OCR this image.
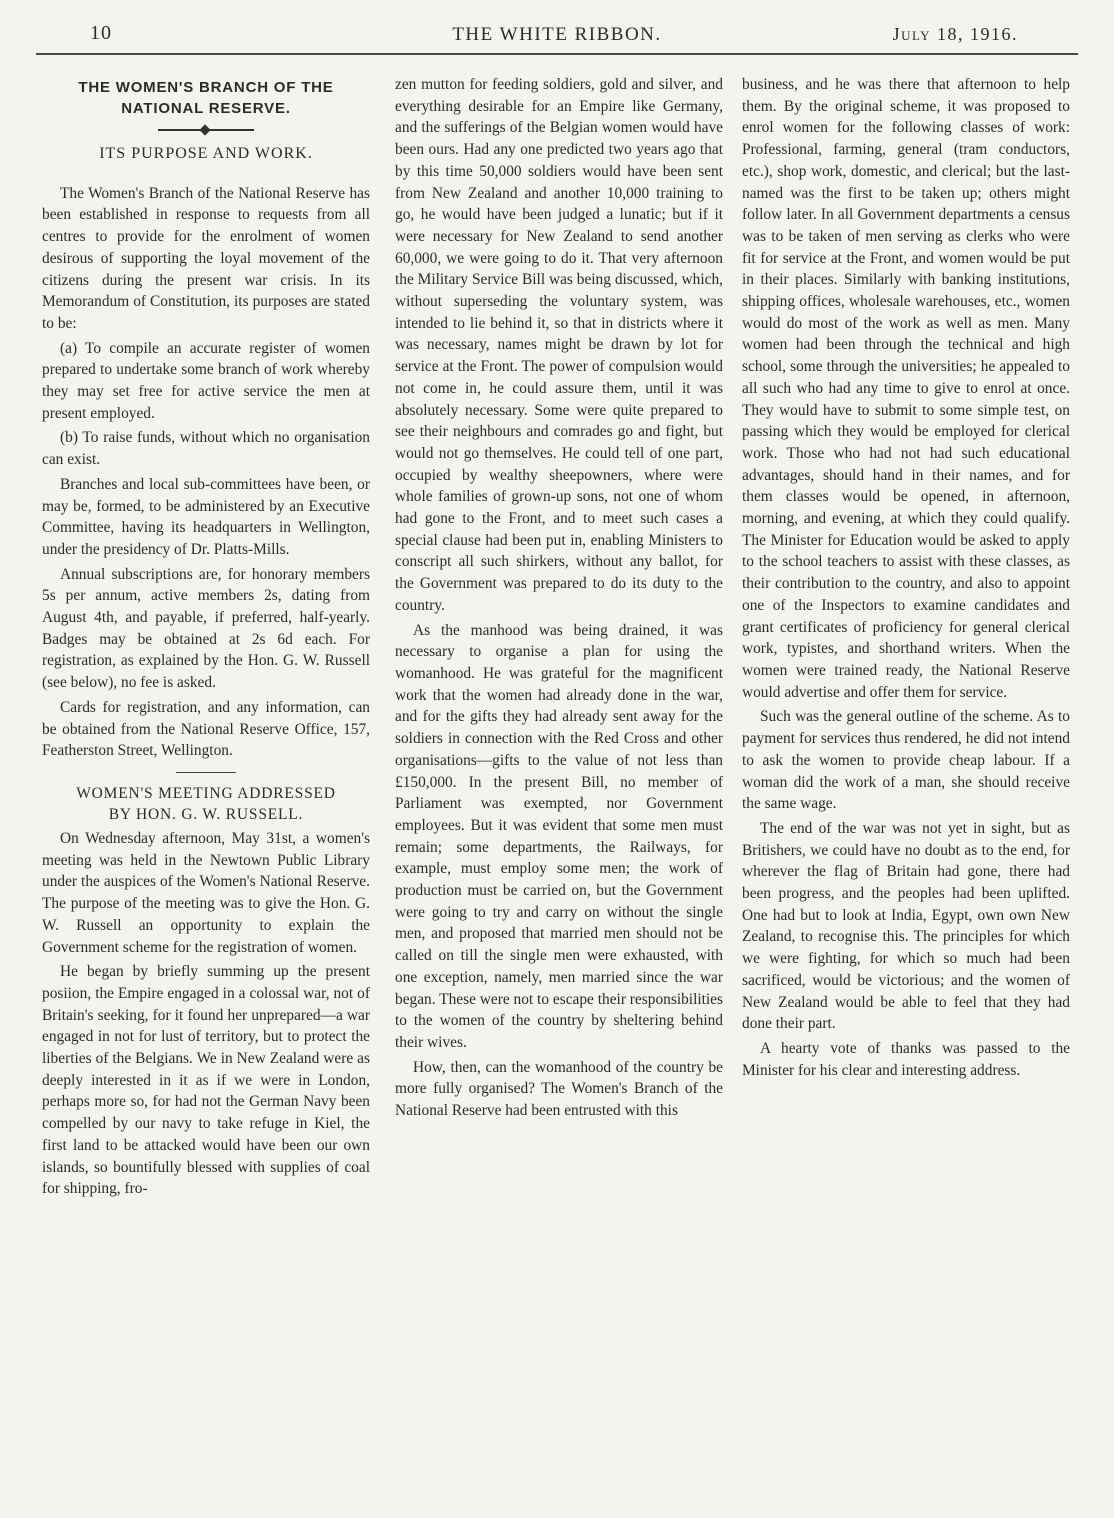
10	THE WHITE RIBBON.	July 18, 1916.
THE WOMEN'S BRANCH OF THE NATIONAL RESERVE.
ITS PURPOSE AND WORK.

The Women's Branch of the National Reserve has been established in response to requests from all centres to provide for the enrolment of women desirous of supporting the loyal movement of the citizens during the present war crisis. In its Memorandum of Constitution, its purposes are stated to be:

(a) To compile an accurate register of women prepared to undertake some branch of work whereby they may set free for active service the men at present employed.

(b) To raise funds, without which no organisation can exist.

Branches and local sub-committees have been, or may be, formed, to be administered by an Executive Committee, having its headquarters in Wellington, under the presidency of Dr. Platts-Mills.

Annual subscriptions are, for honorary members 5s per annum, active members 2s, dating from August 4th, and payable, if preferred, half-yearly. Badges may be obtained at 2s 6d each. For registration, as explained by the Hon. G. W. Russell (see below), no fee is asked.

Cards for registration, and any information, can be obtained from the National Reserve Office, 157, Featherston Street, Wellington.

WOMEN'S MEETING ADDRESSED
BY HON. G. W. RUSSELL.

On Wednesday afternoon, May 31st, a women's meeting was held in the Newtown Public Library under the auspices of the Women's National Reserve. The purpose of the meeting was to give the Hon. G. W. Russell an opportunity to explain the Government scheme for the registration of women.

He began by briefly summing up the present posiion, the Empire engaged in a colossal war, not of Britain's seeking, for it found her unprepared—a war engaged in not for lust of territory, but to protect the liberties of the Belgians. We in New Zealand were as deeply interested in it as if we were in London, perhaps more so, for had not the German Navy been compelled by our navy to take refuge in Kiel, the first land to be attacked would have been our own islands, so bountifully blessed with supplies of coal for shipping, fro-

zen mutton for feeding soldiers, gold and silver, and everything desirable for an Empire like Germany, and the sufferings of the Belgian women would have been ours. Had any one predicted two years ago that by this time 50,000 soldiers would have been sent from New Zealand and another 10,000 training to go, he would have been judged a lunatic; but if it were necessary for New Zealand to send another 60,000, we were going to do it. That very afternoon the Military Service Bill was being discussed, which, without superseding the voluntary system, was intended to lie behind it, so that in districts where it was necessary, names might be drawn by lot for service at the Front. The power of compulsion would not come in, he could assure them, until it was absolutely necessary. Some were quite prepared to see their neighbours and comrades go and fight, but would not go themselves. He could tell of one part, occupied by wealthy sheepowners, where were whole families of grown-up sons, not one of whom had gone to the Front, and to meet such cases a special clause had been put in, enabling Ministers to conscript all such shirkers, without any ballot, for the Government was prepared to do its duty to the country.

As the manhood was being drained, it was necessary to organise a plan for using the womanhood. He was grateful for the magnificent work that the women had already done in the war, and for the gifts they had already sent away for the soldiers in connection with the Red Cross and other organisations—gifts to the value of not less than £150,000. In the present Bill, no member of Parliament was exempted, nor Government employees. But it was evident that some men must remain; some departments, the Railways, for example, must employ some men; the work of production must be carried on, but the Government were going to try and carry on without the single men, and proposed that married men should not be called on till the single men were exhausted, with one exception, namely, men married since the war began. These were not to escape their responsibilities to the women of the country by sheltering behind their wives.

How, then, can the womanhood of the country be more fully organised? The Women's Branch of the National Reserve had been entrusted with this

business, and he was there that afternoon to help them. By the original scheme, it was proposed to enrol women for the following classes of work: Professional, farming, general (tram conductors, etc.), shop work, domestic, and clerical; but the last-named was the first to be taken up; others might follow later. In all Government departments a census was to be taken of men serving as clerks who were fit for service at the Front, and women would be put in their places. Similarly with banking institutions, shipping offices, wholesale warehouses, etc., women would do most of the work as well as men. Many women had been through the technical and high school, some through the universities; he appealed to all such who had any time to give to enrol at once. They would have to submit to some simple test, on passing which they would be employed for clerical work. Those who had not had such educational advantages, should hand in their names, and for them classes would be opened, in afternoon, morning, and evening, at which they could qualify. The Minister for Education would be asked to apply to the school teachers to assist with these classes, as their contribution to the country, and also to appoint one of the Inspectors to examine candidates and grant certificates of proficiency for general clerical work, typistes, and shorthand writers. When the women were trained ready, the National Reserve would advertise and offer them for service.

Such was the general outline of the scheme. As to payment for services thus rendered, he did not intend to ask the women to provide cheap labour. If a woman did the work of a man, she should receive the same wage.

The end of the war was not yet in sight, but as Britishers, we could have no doubt as to the end, for wherever the flag of Britain had gone, there had been progress, and the peoples had been uplifted. One had but to look at India, Egypt, own own New Zealand, to recognise this. The principles for which we were fighting, for which so much had been sacrificed, would be victorious; and the women of New Zealand would be able to feel that they had done their part.

A hearty vote of thanks was passed to the Minister for his clear and interesting address.
